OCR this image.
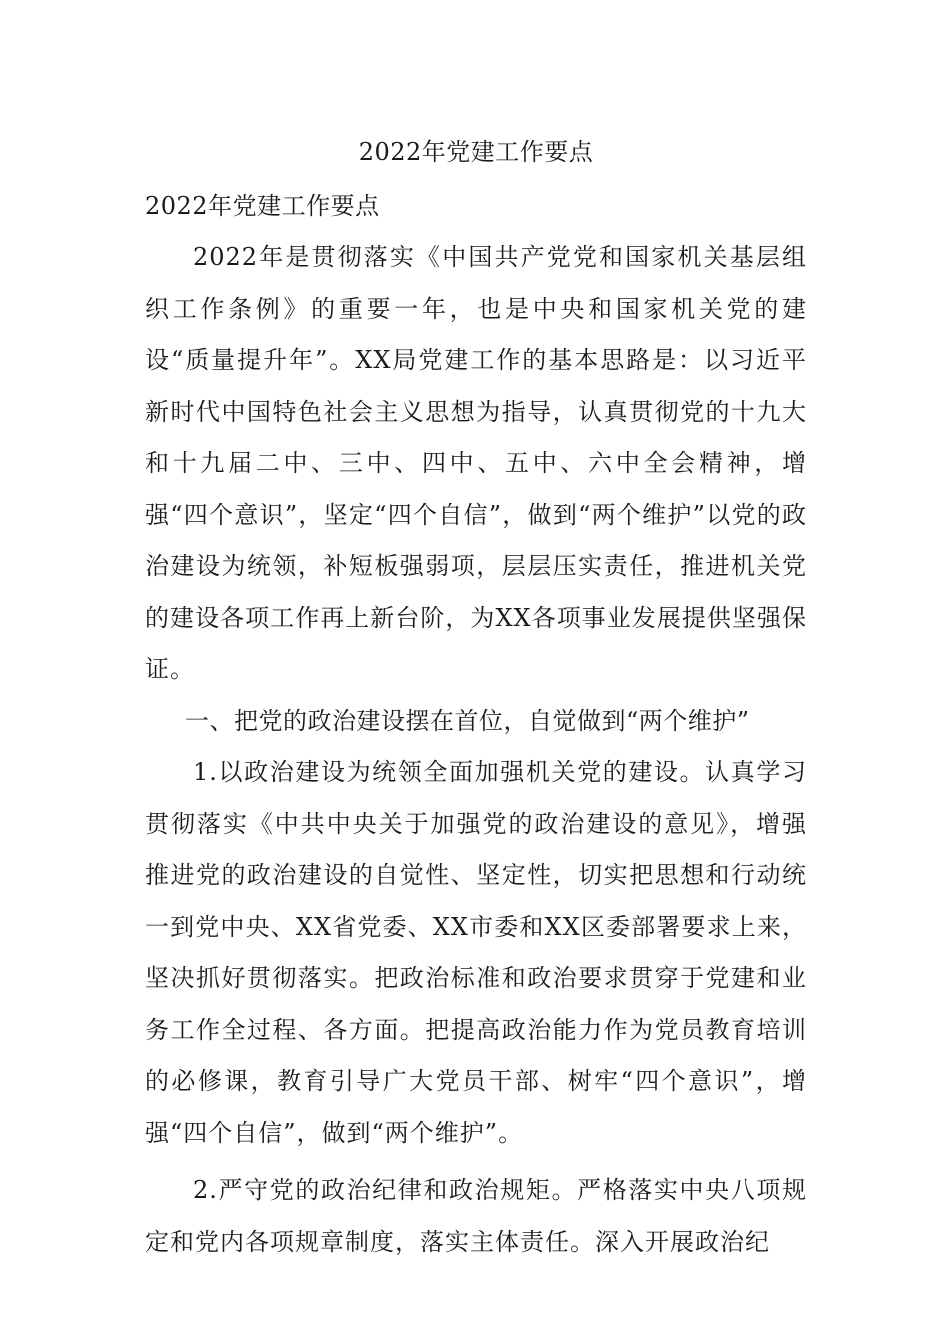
2022年党建工作要点

2022年党建工作要点

2022年是贯彻落实《中国共产党党和国家机关基层组织工作条例》的重要一年，也是中央和国家机关党的建设“质量提升年”。XX局党建工作的基本思路是：以习近平新时代中国特色社会主义思想为指导，认真贯彻党的十九大和十九届二中、三中、四中、五中、六中全会精神，增强“四个意识”，坚定“四个自信”，做到“两个维护”以党的政治建设为统领，补短板强弱项，层层压实责任，推进机关党的建设各项工作再上新台阶，为XX各项事业发展提供坚强保证。

一、把党的政治建设摆在首位，自觉做到“两个维护”

1.以政治建设为统领全面加强机关党的建设。认真学习贯彻落实《中共中央关于加强党的政治建设的意见》，增强推进党的政治建设的自觉性、坚定性，切实把思想和行动统一到党中央、XX省党委、XX市委和XX区委部署要求上来，坚决抓好贯彻落实。把政治标准和政治要求贯穿于党建和业务工作全过程、各方面。把提高政治能力作为党员教育培训的必修课，教育引导广大党员干部、树牢“四个意识”，增强“四个自信”，做到“两个维护”。

2.严守党的政治纪律和政治规矩。严格落实中央八项规定和党内各项规章制度，落实主体责任。深入开展政治纪
